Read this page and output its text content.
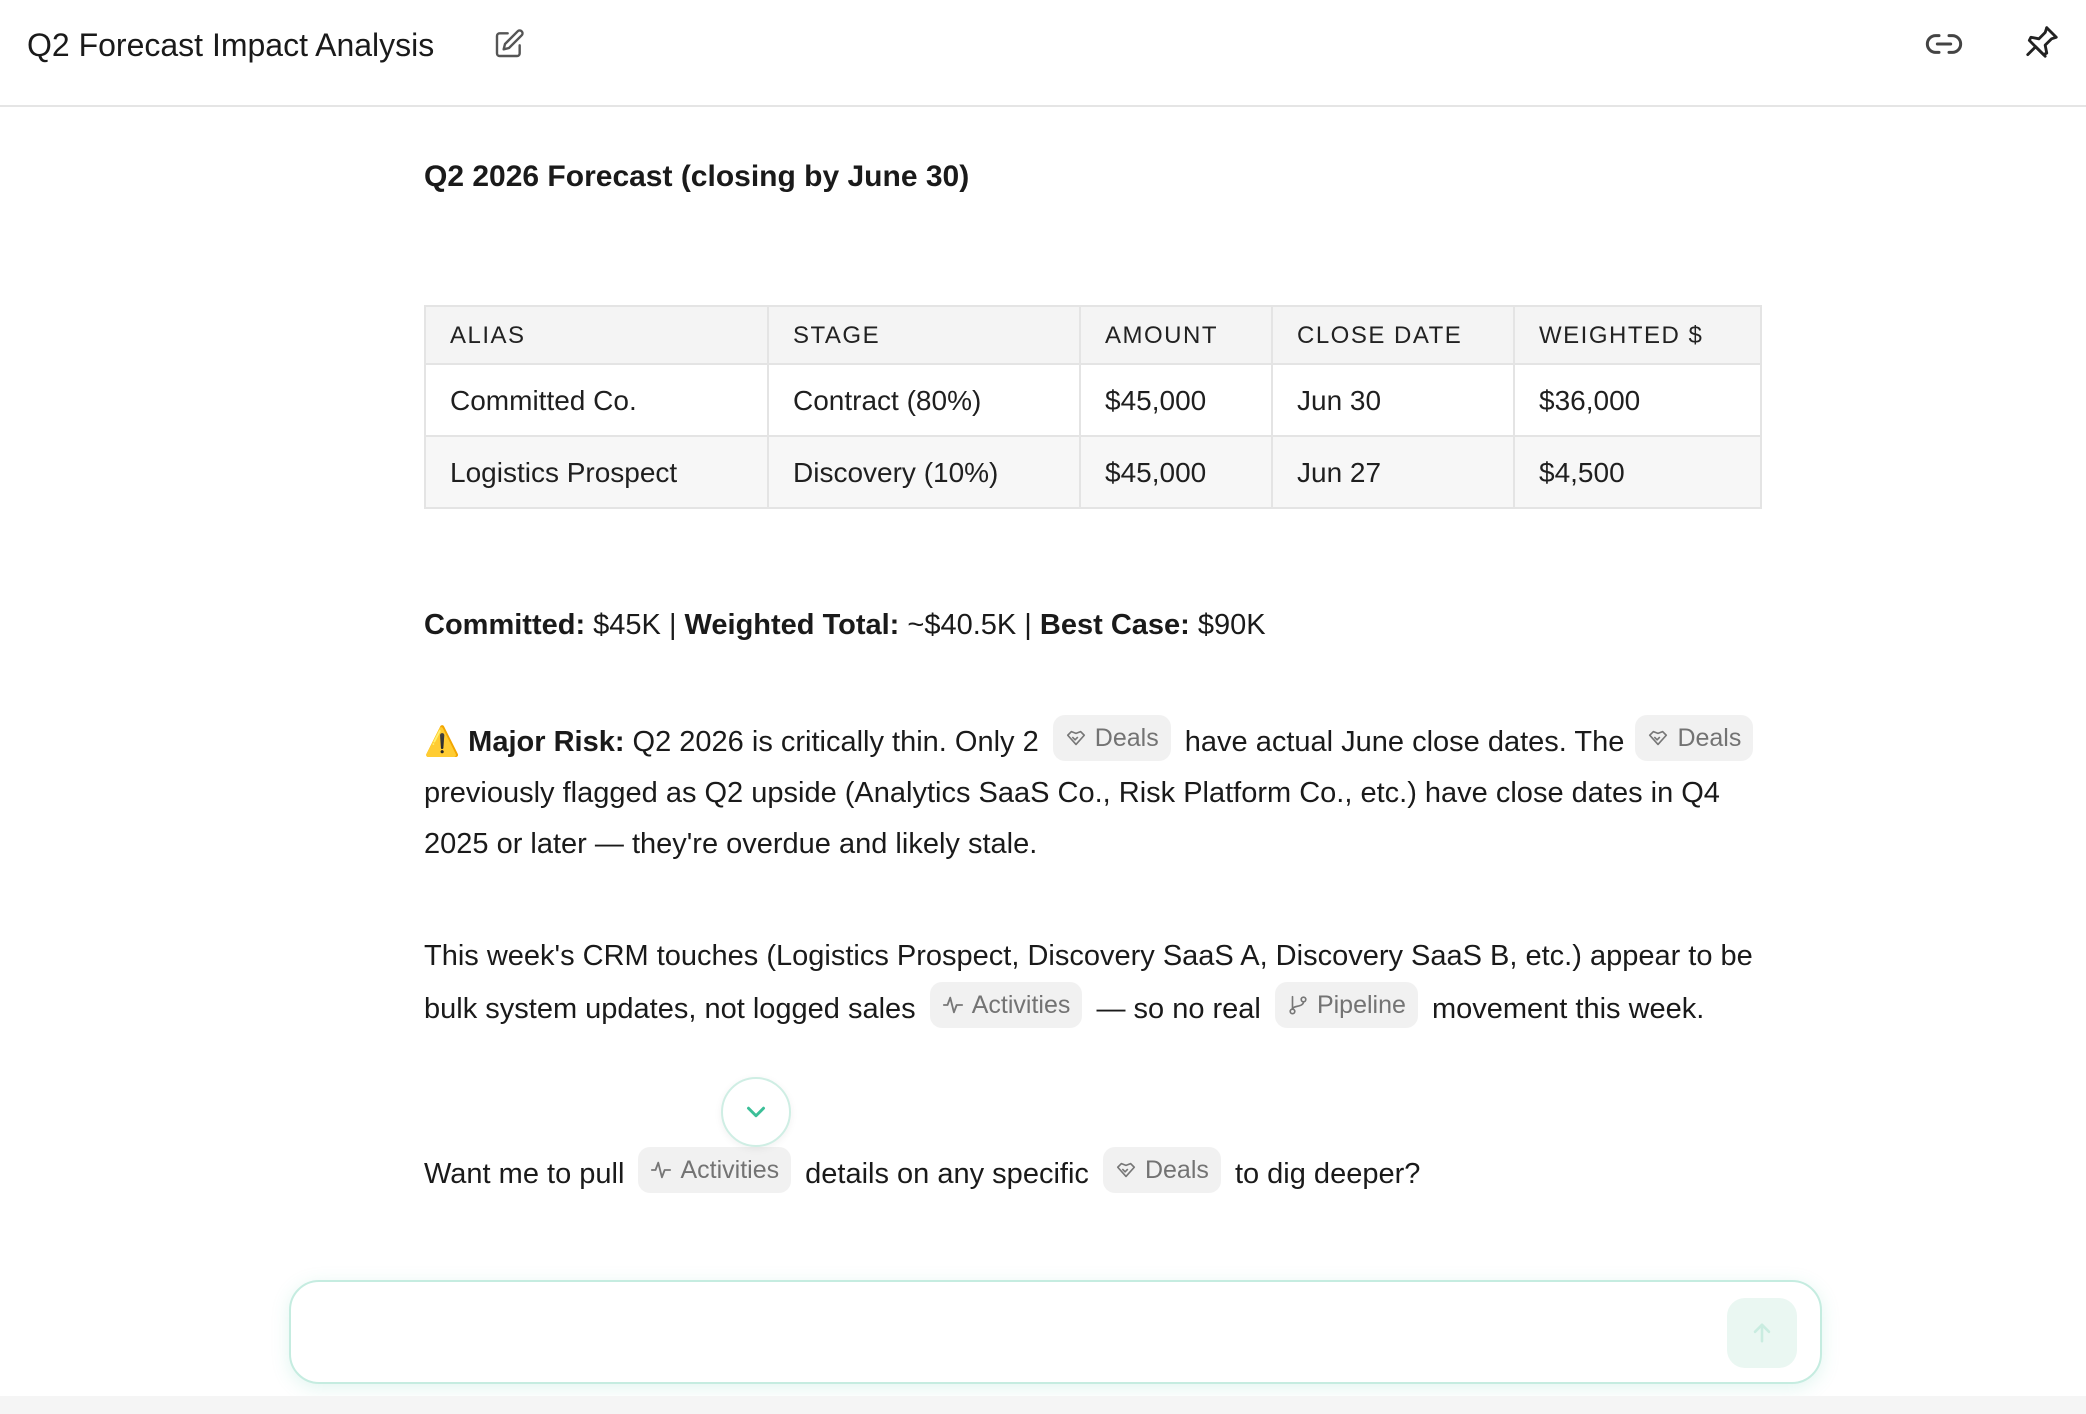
Q2 Forecast Impact Analysis
Q2 2026 Forecast (closing by June 30)
ALIAS	STAGE	AMOUNT	CLOSE DATE	WEIGHTED $
Committed Co.	Contract (80%)	$45,000	Jun 30	$36,000
Logistics Prospect	Discovery (10%)	$45,000	Jun 27	$4,500
Committed: $45K | Weighted Total: ~$40.5K | Best Case: $90K
⚠️ Major Risk: Q2 2026 is critically thin. Only 2 Deals have actual June close dates. The Deals
previously flagged as Q2 upside (Analytics SaaS Co., Risk Platform Co., etc.) have close dates in Q4 2025 or later — they're overdue and likely stale.
This week's CRM touches (Logistics Prospect, Discovery SaaS A, Discovery SaaS B, etc.) appear to be bulk system updates, not logged sales Activities — so no real Pipeline movement this week.
Want me to pull Activities details on any specific Deals to dig deeper?
